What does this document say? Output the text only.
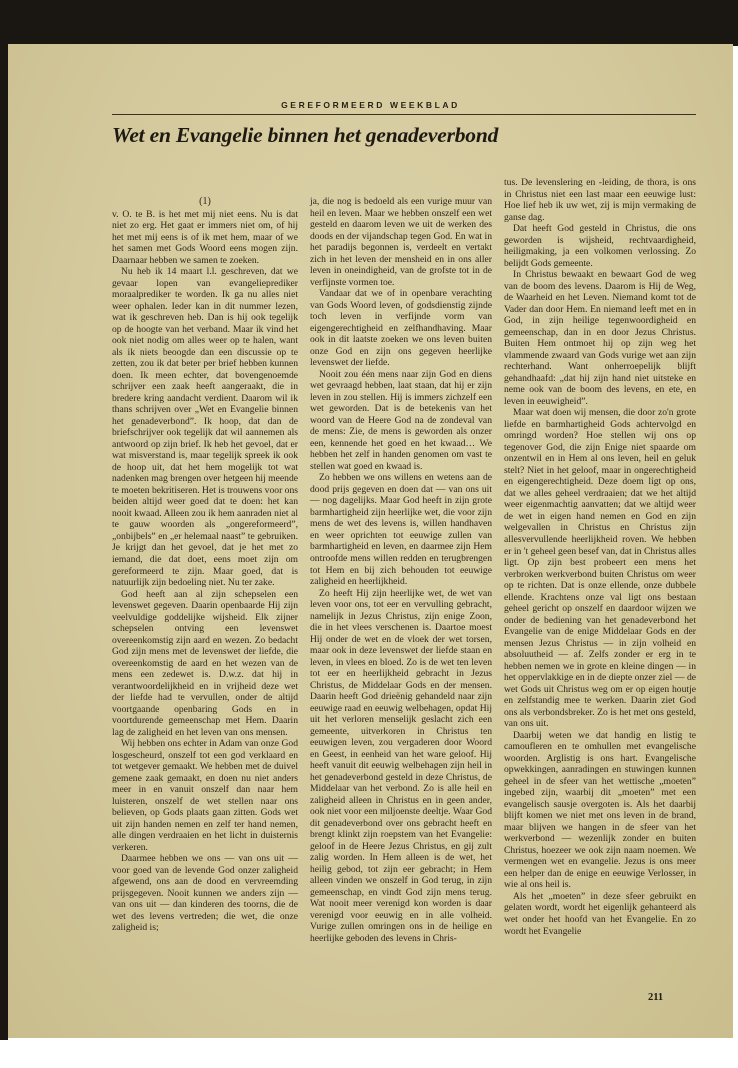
GEREFORMEERD WEEKBLAD
Wet en Evangelie binnen het genadeverbond

(1)

v. O. te B. is het met mij niet eens. Nu is dat niet zo erg. Het gaat er immers niet om, of hij het met mij eens is of ik met hem, maar of we het samen met Gods Woord eens mogen zijn. Daarnaar hebben we samen te zoeken.

Nu heb ik 14 maart l.l. geschreven, dat we gevaar lopen van evangelieprediker moraalprediker te worden. Ik ga nu alles niet weer ophalen. Ieder kan in dit nummer lezen, wat ik geschreven heb. Dan is hij ook tegelijk op de hoogte van het verband. Maar ik vind het ook niet nodig om alles weer op te halen, want als ik niets beoogde dan een discussie op te zetten, zou ik dat beter per brief hebben kunnen doen. Ik meen echter, dat bovengenoemde schrijver een zaak heeft aangeraakt, die in bredere kring aandacht verdient. Daarom wil ik thans schrijven over „Wet en Evangelie binnen het genadeverbond”. Ik hoop, dat dan de briefschrijver ook tegelijk dat wil aannemen als antwoord op zijn brief. Ik heb het gevoel, dat er wat misverstand is, maar tegelijk spreek ik ook de hoop uit, dat het hem mogelijk tot wat nadenken mag brengen over hetgeen hij meende te moeten bekritiseren. Het is trouwens voor ons beiden altijd weer goed dat te doen: het kan nooit kwaad. Alleen zou ik hem aanraden niet al te gauw woorden als „ongereformeerd”, „onbijbels” en „er helemaal naast” te gebruiken. Je krijgt dan het gevoel, dat je het met zo iemand, die dat doet, eens moet zijn om gereformeerd te zijn. Maar goed, dat is natuurlijk zijn bedoeling niet. Nu ter zake.

God heeft aan al zijn schepselen een levenswet gegeven. Daarin openbaarde Hij zijn veelvuldige goddelijke wijsheid. Elk zijner schepselen ontving een levenswet overeenkomstig zijn aard en wezen. Zo bedacht God zijn mens met de levenswet der liefde, die overeenkomstig de aard en het wezen van de mens een zedewet is. D.w.z. dat hij in verantwoordelijkheid en in vrijheid deze wet der liefde had te vervullen, onder de altijd voortgaande openbaring Gods en in voortdurende gemeenschap met Hem. Daarin lag de zaligheid en het leven van ons mensen.

Wij hebben ons echter in Adam van onze God losgescheurd, onszelf tot een god verklaard en tot wetgever gemaakt. We hebben met de duivel gemene zaak gemaakt, en doen nu niet anders meer in en vanuit onszelf dan naar hem luisteren, onszelf de wet stellen naar ons believen, op Gods plaats gaan zitten. Gods wet uit zijn handen nemen en zelf ter hand nemen, alle dingen verdraaien en het licht in duisternis verkeren.

Daarmee hebben we ons — van ons uit — voor goed van de levende God onzer zaligheid afgewend, ons aan de dood en vervreemding prijsgegeven. Nooit kunnen we anders zijn — van ons uit — dan kinderen des toorns, die de wet des levens vertreden; die wet, die onze zaligheid is;

ja, die nog is bedoeld als een vurige muur van heil en leven. Maar we hebben onszelf een wet gesteld en daarom leven we uit de werken des doods en der vijandschap tegen God. En wat in het paradijs begonnen is, verdeelt en vertakt zich in het leven der mensheid en in ons aller leven in oneindigheid, van de grofste tot in de verfijnste vormen toe.

Vandaar dat we of in openbare verachting van Gods Woord leven, of godsdienstig zijnde toch leven in verfijnde vorm van eigengerechtigheid en zelfhandhaving. Maar ook in dit laatste zoeken we ons leven buiten onze God en zijn ons gegeven heerlijke levenswet der liefde.

Nooit zou één mens naar zijn God en diens wet gevraagd hebben, laat staan, dat hij er zijn leven in zou stellen. Hij is immers zichzelf een wet geworden. Dat is de betekenis van het woord van de Heere God na de zondeval van de mens: Zie, de mens is geworden als onzer een, kennende het goed en het kwaad… We hebben het zelf in handen genomen om vast te stellen wat goed en kwaad is.

Zo hebben we ons willens en wetens aan de dood prijs gegeven en doen dat — van ons uit — nog dagelijks. Maar God heeft in zijn grote barmhartigheid zijn heerlijke wet, die voor zijn mens de wet des levens is, willen handhaven en weer oprichten tot eeuwige zullen van barmhartigheid en leven, en daarmee zijn Hem ontroofde mens willen redden en terugbrengen tot Hem en bij zich behouden tot eeuwige zaligheid en heerlijkheid.

Zo heeft Hij zijn heerlijke wet, de wet van leven voor ons, tot eer en vervulling gebracht, namelijk in Jezus Christus, zijn enige Zoon, die in het vlees verschenen is. Daartoe moest Hij onder de wet en de vloek der wet torsen, maar ook in deze levenswet der liefde staan en leven, in vlees en bloed. Zo is de wet ten leven tot eer en heerlijkheid gebracht in Jezus Christus, de Middelaar Gods en der mensen. Daarin heeft God drieënig gehandeld naar zijn eeuwige raad en eeuwig welbehagen, opdat Hij uit het verloren menselijk geslacht zich een gemeente, uitverkoren in Christus ten eeuwigen leven, zou vergaderen door Woord en Geest, in eenheid van het ware geloof. Hij heeft vanuit dit eeuwig welbehagen zijn heil in het genadeverbond gesteld in deze Christus, de Middelaar van het verbond. Zo is alle heil en zaligheid alleen in Christus en in geen ander, ook niet voor een miljoenste deeltje. Waar God dit genadeverbond over ons gebracht heeft en brengt klinkt zijn roepstem van het Evangelie: geloof in de Heere Jezus Christus, en gij zult zalig worden. In Hem alleen is de wet, het heilig gebod, tot zijn eer gebracht; in Hem alleen vinden we onszelf in God terug, in zijn gemeenschap, en vindt God zijn mens terug. Wat nooit meer verenigd kon worden is daar verenigd voor eeuwig en in alle volheid. Vurige zullen omringen ons in de heilige en heerlijke geboden des levens in Chris-

tus. De levenslering en -leiding, de thora, is ons in Christus niet een last maar een eeuwige lust: Hoe lief heb ik uw wet, zij is mijn vermaking de ganse dag.

Dat heeft God gesteld in Christus, die ons geworden is wijsheid, rechtvaardigheid, heiligmaking, ja een volkomen verlossing. Zo belijdt Gods gemeente.

In Christus bewaakt en bewaart God de weg van de boom des levens. Daarom is Hij de Weg, de Waarheid en het Leven. Niemand komt tot de Vader dan door Hem. En niemand leeft met en in God, in zijn heilige tegenwoordigheid en gemeenschap, dan in en door Jezus Christus. Buiten Hem ontmoet hij op zijn weg het vlammende zwaard van Gods vurige wet aan zijn rechterhand. Want onherroepelijk blijft gehandhaafd: „dat hij zijn hand niet uitsteke en neme ook van de boom des levens, en ete, en leven in eeuwigheid”.

Maar wat doen wij mensen, die door zo'n grote liefde en barmhartigheid Gods achtervolgd en omringd worden? Hoe stellen wij ons op tegenover God, die zijn Enige niet spaarde om onzentwil en in Hem al ons leven, heil en geluk stelt? Niet in het geloof, maar in ongerechtigheid en eigengerechtigheid. Deze doem ligt op ons, dat we alles geheel verdraaien; dat we het altijd weer eigenmachtig aanvatten; dat we altijd weer de wet in eigen hand nemen en God en zijn welgevallen in Christus en Christus zijn allesvervullende heerlijkheid roven. We hebben er in 't geheel geen besef van, dat in Christus alles ligt. Op zijn best probeert een mens het verbroken werkverbond buiten Christus om weer op te richten. Dat is onze ellende, onze dubbele ellende. Krachtens onze val ligt ons bestaan geheel gericht op onszelf en daardoor wijzen we onder de bediening van het genadeverbond het Evangelie van de enige Middelaar Gods en der mensen Jezus Christus — in zijn volheid en absoluutheid — af. Zelfs zonder er erg in te hebben nemen we in grote en kleine dingen — in het oppervlakkige en in de diepte onzer ziel — de wet Gods uit Christus weg om er op eigen houtje en zelfstandig mee te werken. Daarin ziet God ons als verbondsbreker. Zo is het met ons gesteld, van ons uit.

Daarbij weten we dat handig en listig te camoufleren en te omhullen met evangelische woorden. Arglistig is ons hart. Evangelische opwekkingen, aanradingen en stuwingen kunnen geheel in de sfeer van het wettische „moeten” ingebed zijn, waarbij dit „moeten” met een evangelisch sausje overgoten is. Als het daarbij blijft komen we niet met ons leven in de brand, maar blijven we hangen in de sfeer van het werkverbond — wezenlijk zonder en buiten Christus, hoezeer we ook zijn naam noemen. We vermengen wet en evangelie. Jezus is ons meer een helper dan de enige en eeuwige Verlosser, in wie al ons heil is.

Als het „moeten” in deze sfeer gebruikt en gelaten wordt, wordt het eigenlijk gehanteerd als wet onder het hoofd van het Evangelie. En zo wordt het Evangelie

211
